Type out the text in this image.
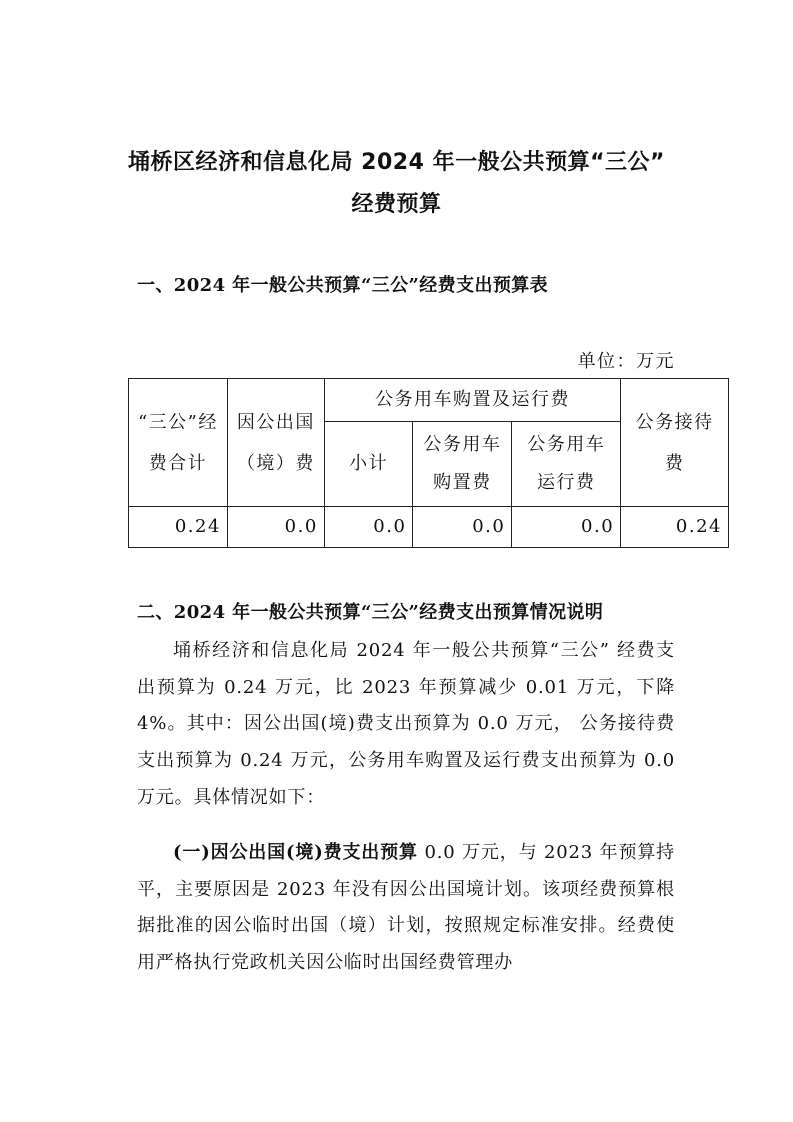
埇桥区经济和信息化局 2024 年一般公共预算“三公”
经费预算
一、2024 年一般公共预算“三公”经费支出预算表
单位：万元
“三公”经费合计	因公出国（境）费	公务用车购置及运行费			公务接待费
		小计	公务用车购置费	公务用车运行费	
0.24	0.0	0.0	0.0	0.0	0.24
二、2024 年一般公共预算“三公”经费支出预算情况说明

埇桥经济和信息化局 2024 年一般公共预算“三公” 经费支出预算为 0.24 万元，比 2023 年预算减少 0.01 万元，下降 4%。其中：因公出国(境)费支出预算为 0.0 万元， 公务接待费支出预算为 0.24 万元，公务用车购置及运行费支出预算为 0.0 万元。具体情况如下：

(一)因公出国(境)费支出预算 0.0 万元，与 2023 年预算持平，主要原因是 2023 年没有因公出国境计划。该项经费预算根据批准的因公临时出国（境）计划，按照规定标准安排。经费使用严格执行党政机关因公临时出国经费管理办
